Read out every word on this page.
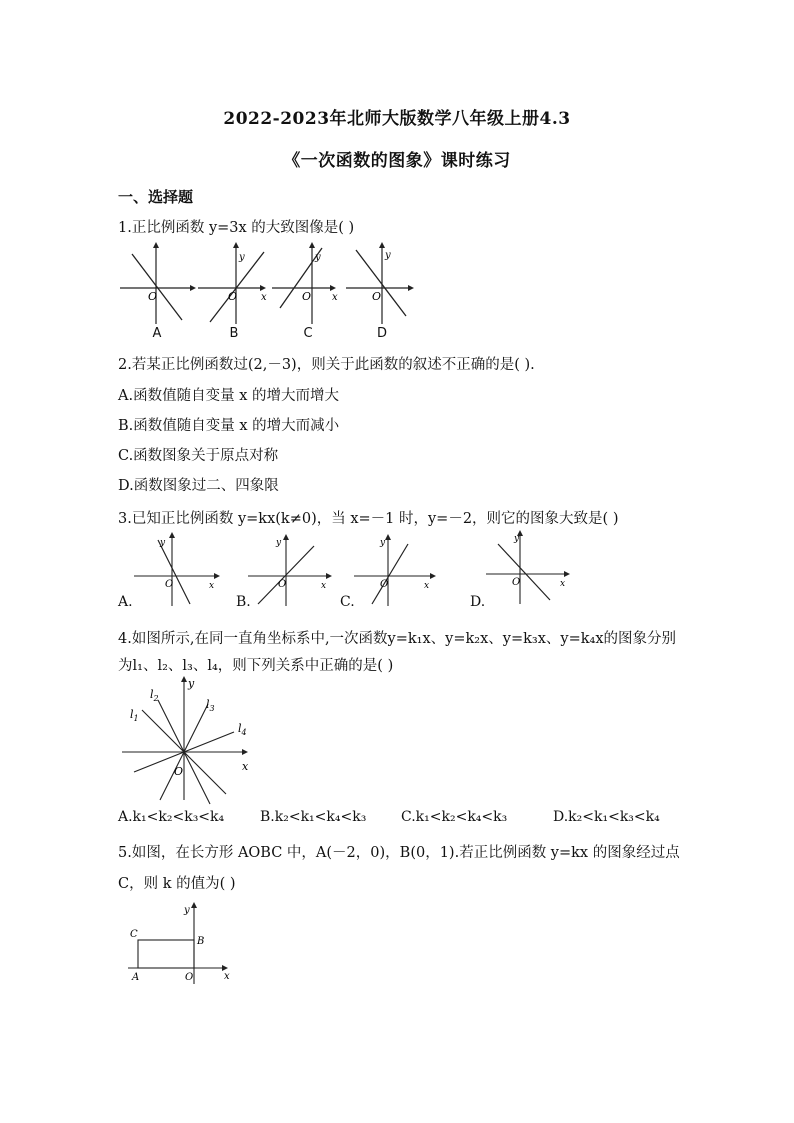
2022-2023年北师大版数学八年级上册4.3
《一次函数的图象》课时练习
一、选择题
1.正比例函数 y=3x 的大致图像是( )
O
y
x
O
y
x
O
y
O
A	B	C	D
2.若某正比例函数过(2,－3)，则关于此函数的叙述不正确的是( ).
A.函数值随自变量 x 的增大而增大
B.函数值随自变量 x 的增大而减小
C.函数图象关于原点对称
D.函数图象过二、四象限
3.已知正比例函数 y=kx(k≠0)，当 x=－1 时，y=－2，则它的图象大致是( )
y
x
O
y
x
O
y
x
O
y
x
O
A.	B.	C.	D.
4.如图所示,在同一直角坐标系中,一次函数y=k₁x、y=k₂x、y=k₃x、y=k₄x的图象分别
为l₁、l₂、l₃、l₄，则下列关系中正确的是( )
y
x
O
$l_1$
$l_2$	$l_3$
$l_4$
A.k₁<k₂<k₃<k₄	B.k₂<k₁<k₄<k₃ C.k₁<k₂<k₄<k₃	D.k₂<k₁<k₃<k₄
5.如图，在长方形 AOBC 中，A(－2，0)，B(0，1).若正比例函数 y=kx 的图象经过点
C，则 k 的值为( )
y
x
C
B
A	O
